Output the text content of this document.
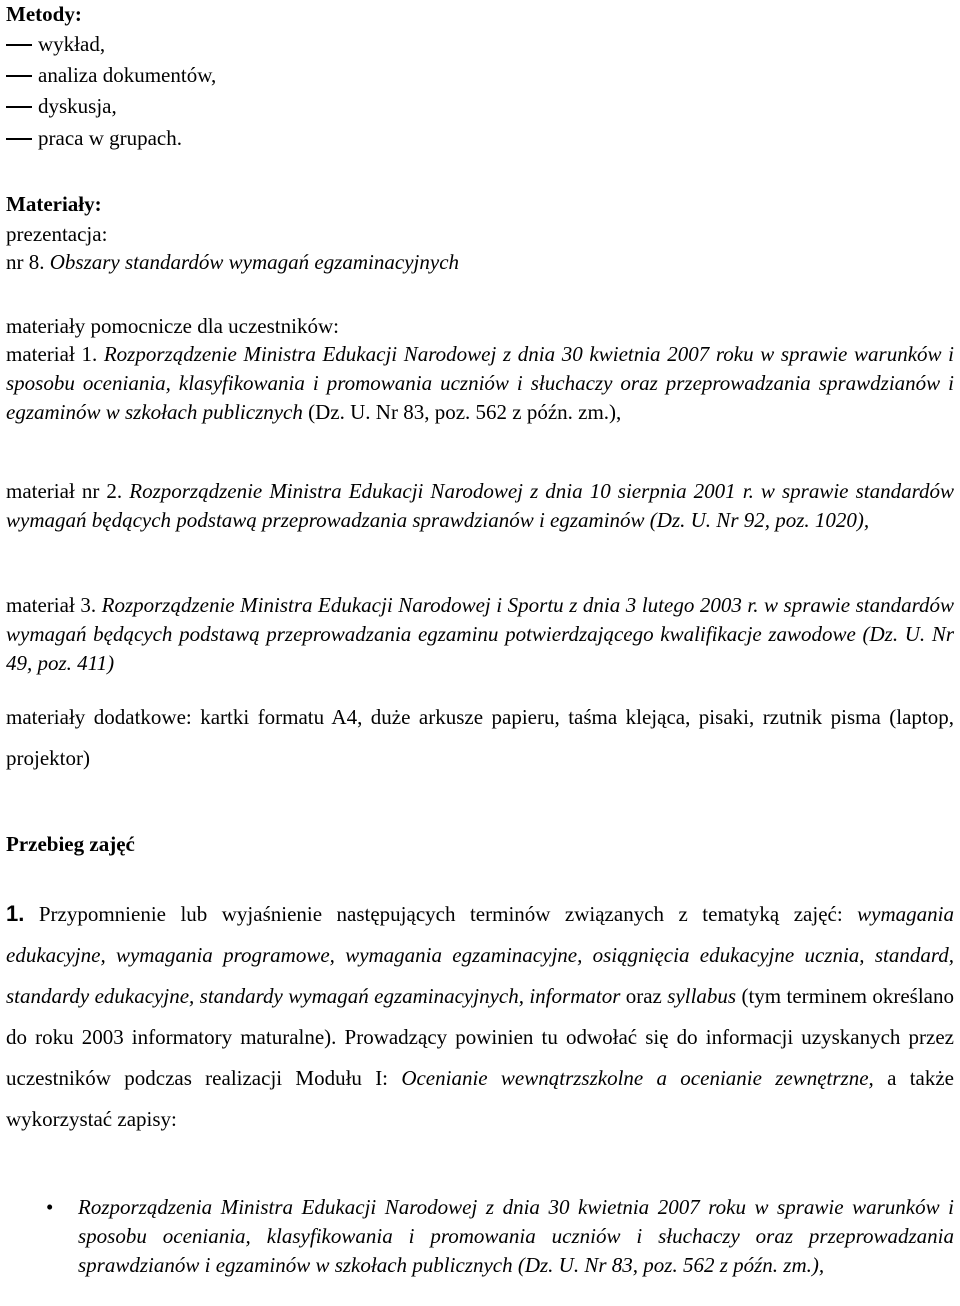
Metody:
wykład,
analiza dokumentów,
dyskusja,
praca w grupach.
Materiały:
prezentacja:
nr 8. Obszary standardów wymagań egzaminacyjnych
materiały pomocnicze dla uczestników:
materiał 1. Rozporządzenie Ministra Edukacji Narodowej z dnia 30 kwietnia 2007 roku w sprawie warunków i sposobu oceniania, klasyfikowania i promowania uczniów i słuchaczy oraz przeprowadzania sprawdzianów i egzaminów w szkołach publicznych (Dz. U. Nr 83, poz. 562 z późn. zm.),
materiał nr 2. Rozporządzenie Ministra Edukacji Narodowej z dnia 10 sierpnia 2001 r. w sprawie standardów wymagań będących podstawą przeprowadzania sprawdzianów i egzaminów (Dz. U. Nr 92, poz. 1020),
materiał 3. Rozporządzenie Ministra Edukacji Narodowej i Sportu z dnia 3 lutego 2003 r. w sprawie standardów wymagań będących podstawą przeprowadzania egzaminu potwierdzającego kwalifikacje zawodowe (Dz. U. Nr 49, poz. 411)
materiały dodatkowe: kartki formatu A4, duże arkusze papieru, taśma klejąca, pisaki, rzutnik pisma (laptop, projektor)
Przebieg zajęć
1. Przypomnienie lub wyjaśnienie następujących terminów związanych z tematyką zajęć: wymagania edukacyjne, wymagania programowe, wymagania egzaminacyjne, osiągnięcia edukacyjne ucznia, standard, standardy edukacyjne, standardy wymagań egzaminacyjnych, informator oraz syllabus (tym terminem określano do roku 2003 informatory maturalne). Prowadzący powinien tu odwołać się do informacji uzyskanych przez uczestników podczas realizacji Modułu I: Ocenianie wewnątrzszkolne a ocenianie zewnętrzne, a także wykorzystać zapisy:
• Rozporządzenia Ministra Edukacji Narodowej z dnia 30 kwietnia 2007 roku w sprawie warunków i sposobu oceniania, klasyfikowania i promowania uczniów i słuchaczy oraz przeprowadzania sprawdzianów i egzaminów w szkołach publicznych (Dz. U. Nr 83, poz. 562 z późn. zm.),
